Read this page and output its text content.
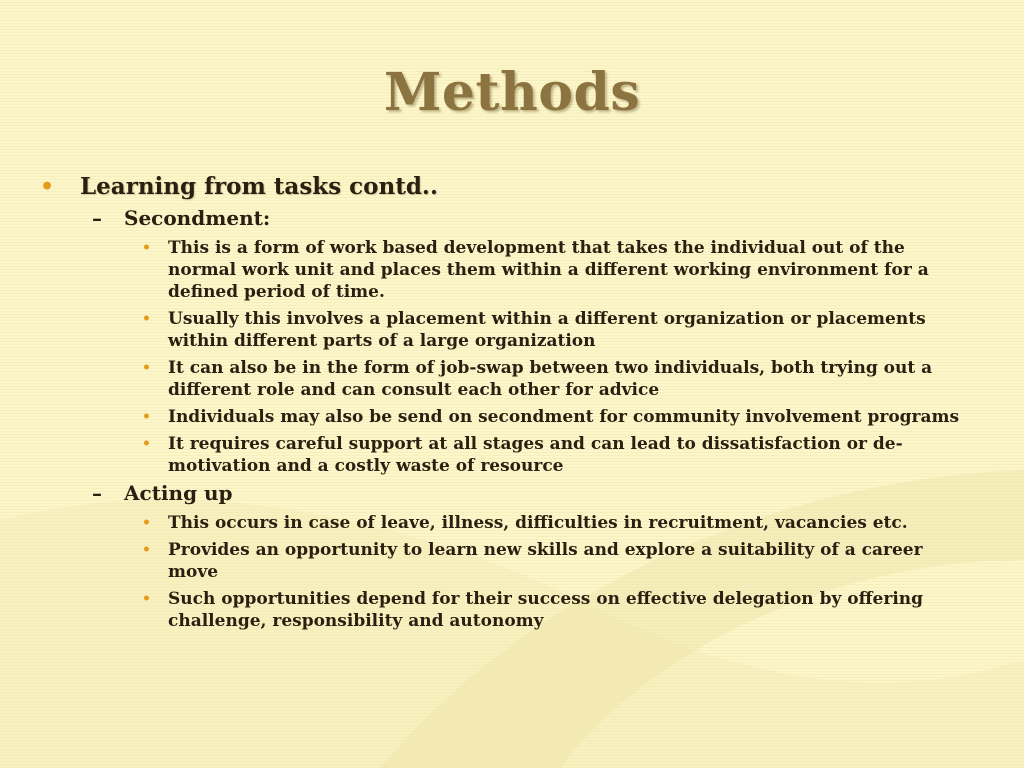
Methods
• Learning from tasks contd..
–	Secondment:
• This is a form of work based development that takes the individual out of the normal work unit and places them within a different working environment for a defined period of time.
• Usually this involves a placement within a different organization or placements within different parts of a large organization
• It can also be in the form of job-swap between two individuals, both trying out a different role and can consult each other for advice
• Individuals may also be send on secondment for community involvement programs
• It requires careful support at all stages and can lead to dissatisfaction or de-motivation and a costly waste of resource
–	Acting up
• This occurs in case of leave, illness, difficulties in recruitment, vacancies etc.
• Provides an opportunity to learn new skills and explore a suitability of a career move
• Such opportunities depend for their success on effective delegation by offering challenge, responsibility and autonomy
